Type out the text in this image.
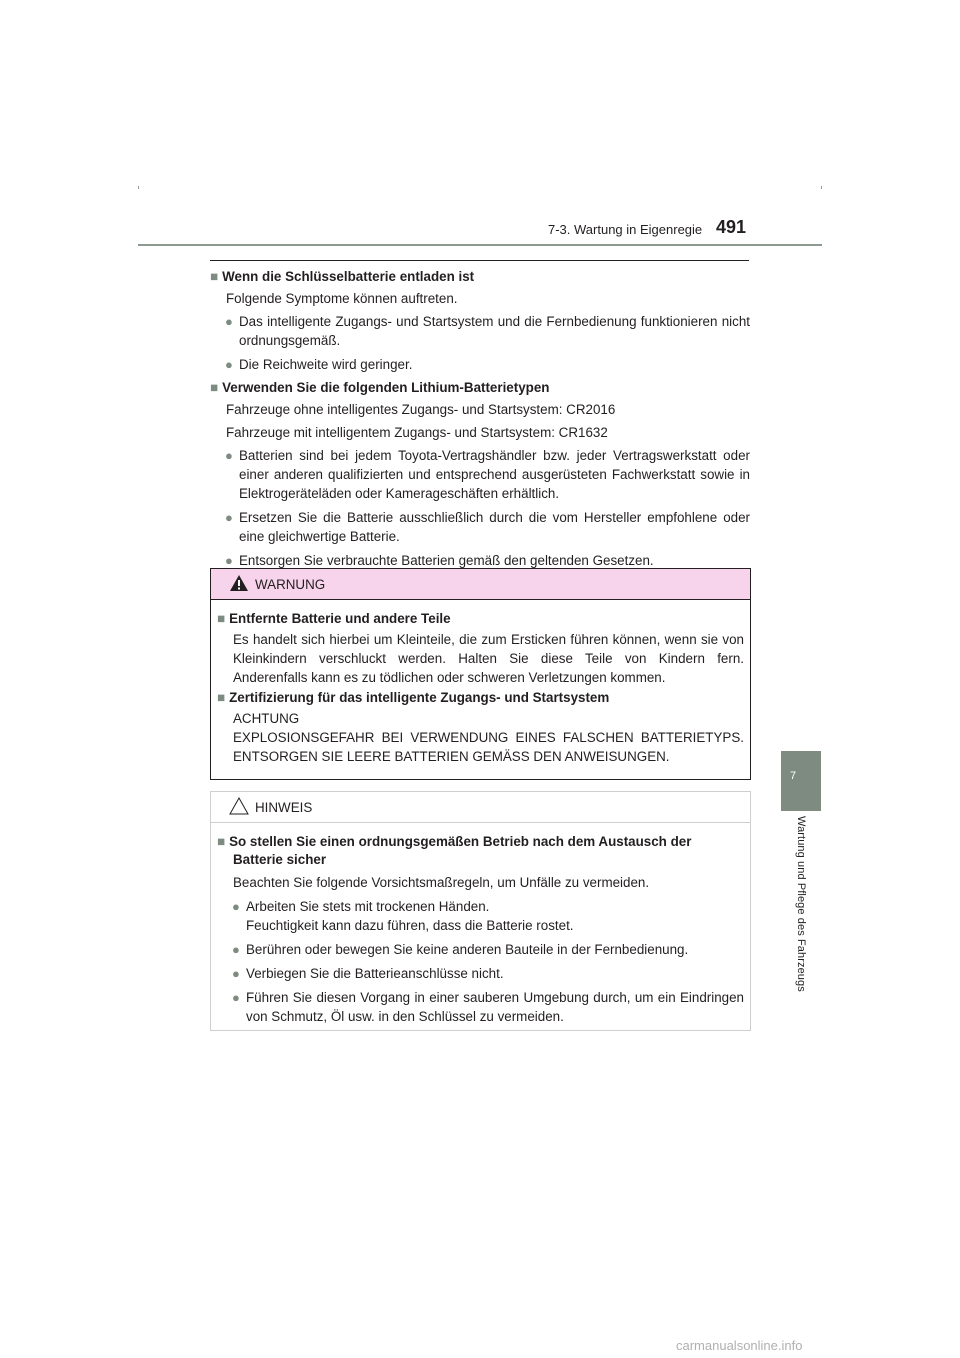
7-3. Wartung in Eigenregie 491
7
Wartung und Pflege des Fahrzeugs
■ Wenn die Schlüsselbatterie entladen ist
Folgende Symptome können auftreten.
● Das intelligente Zugangs- und Startsystem und die Fernbedienung funktionieren nicht ordnungsgemäß.
● Die Reichweite wird geringer.
■ Verwenden Sie die folgenden Lithium-Batterietypen
Fahrzeuge ohne intelligentes Zugangs- und Startsystem: CR2016
Fahrzeuge mit intelligentem Zugangs- und Startsystem: CR1632
● Batterien sind bei jedem Toyota-Vertragshändler bzw. jeder Vertragswerkstatt oder einer anderen qualifizierten und entsprechend ausgerüsteten Fachwerkstatt sowie in Elektrogeräteläden oder Kamerageschäften erhältlich.
● Ersetzen Sie die Batterie ausschließlich durch die vom Hersteller empfohlene oder eine gleichwertige Batterie.
● Entsorgen Sie verbrauchte Batterien gemäß den geltenden Gesetzen.
WARNUNG
■ Entfernte Batterie und andere Teile
Es handelt sich hierbei um Kleinteile, die zum Ersticken führen können, wenn sie von Kleinkindern verschluckt werden. Halten Sie diese Teile von Kindern fern. Anderenfalls kann es zu tödlichen oder schweren Verletzungen kommen.
■ Zertifizierung für das intelligente Zugangs- und Startsystem
ACHTUNG
EXPLOSIONSGEFAHR BEI VERWENDUNG EINES FALSCHEN BATTERIETYPS. ENTSORGEN SIE LEERE BATTERIEN GEMÄSS DEN ANWEISUNGEN.
HINWEIS
■ So stellen Sie einen ordnungsgemäßen Betrieb nach dem Austausch der Batterie sicher
Beachten Sie folgende Vorsichtsmaßregeln, um Unfälle zu vermeiden.
● Arbeiten Sie stets mit trockenen Händen.
Feuchtigkeit kann dazu führen, dass die Batterie rostet.
● Berühren oder bewegen Sie keine anderen Bauteile in der Fernbedienung.
● Verbiegen Sie die Batterieanschlüsse nicht.
● Führen Sie diesen Vorgang in einer sauberen Umgebung durch, um ein Eindringen von Schmutz, Öl usw. in den Schlüssel zu vermeiden.
carmanualsonline.info
